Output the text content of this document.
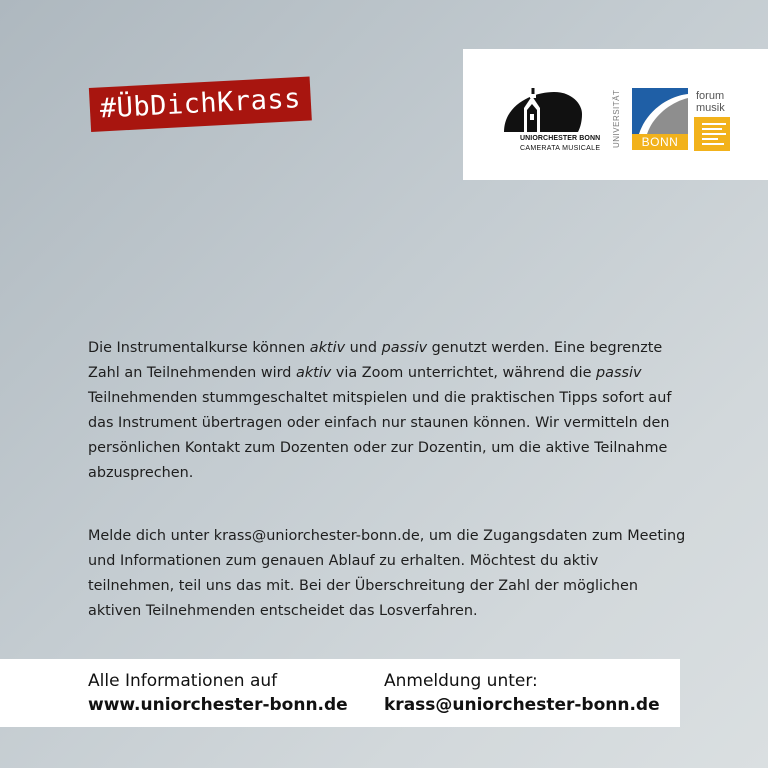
#ÜbDichKrass
UNIORCHESTER BONN
CAMERATA MUSICALE
UNIVERSITÄT	BONN
forum
musik
Die Instrumentalkurse können aktiv und passiv genutzt werden. Eine begrenzte Zahl an Teilnehmenden wird aktiv via Zoom unterrichtet, während die passiv Teilnehmenden stummgeschaltet mitspielen und die praktischen Tipps sofort auf das Instrument übertragen oder einfach nur staunen können. Wir vermitteln den persönlichen Kontakt zum Dozenten oder zur Dozentin, um die aktive Teilnahme abzusprechen.
Melde dich unter krass@uniorchester-bonn.de, um die Zugangsdaten zum Meeting und Informationen zum genauen Ablauf zu erhalten. Möchtest du aktiv teilnehmen, teil uns das mit. Bei der Überschreitung der Zahl der möglichen aktiven Teilnehmenden entscheidet das Losverfahren.
Alle Informationen auf
www.uniorchester-bonn.de
Anmeldung unter:
krass@uniorchester-bonn.de
